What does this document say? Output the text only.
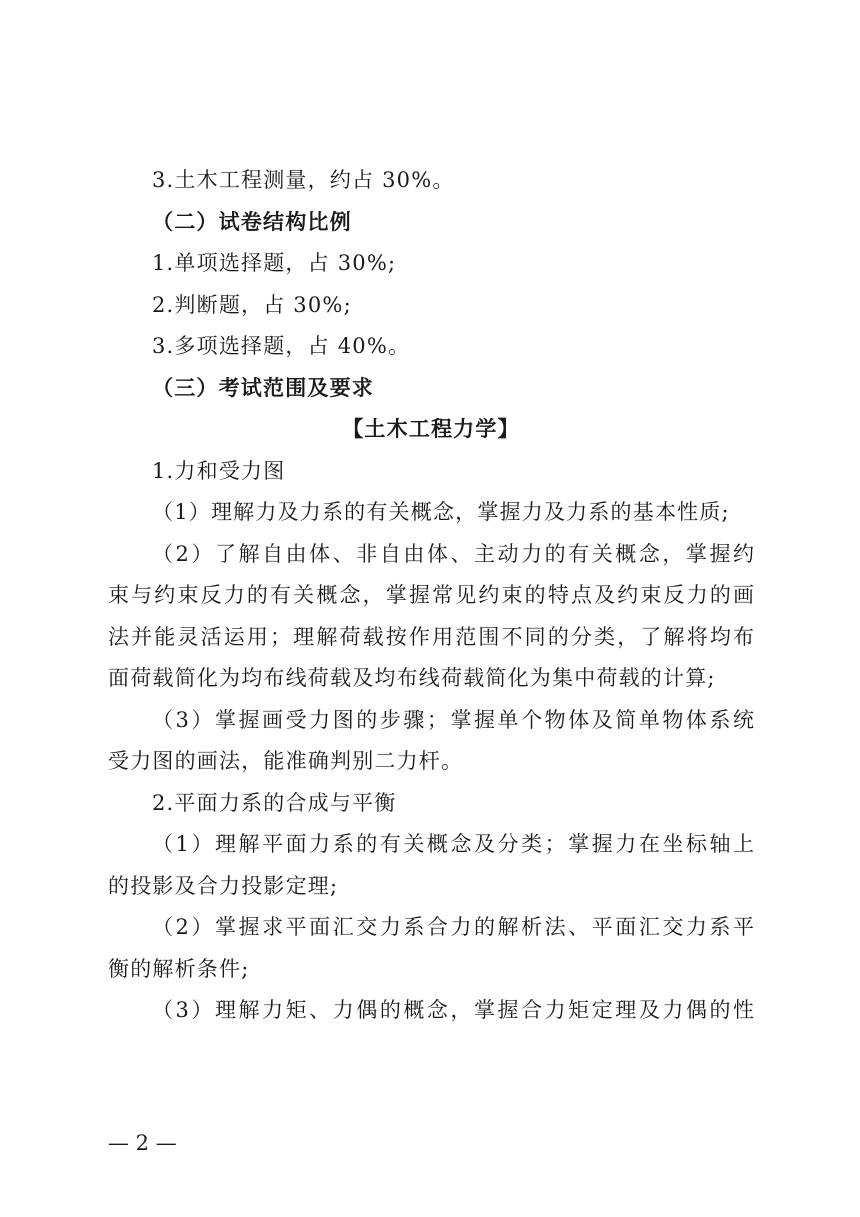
3.土木工程测量，约占 30%。
（二）试卷结构比例
1.单项选择题，占 30%;
2.判断题，占 30%;
3.多项选择题，占 40%。
（三）考试范围及要求
【土木工程力学】
1.力和受力图
（1）理解力及力系的有关概念，掌握力及力系的基本性质;
（2）了解自由体、非自由体、主动力的有关概念，掌握约
束与约束反力的有关概念，掌握常见约束的特点及约束反力的画
法并能灵活运用；理解荷载按作用范围不同的分类，了解将均布
面荷载简化为均布线荷载及均布线荷载简化为集中荷载的计算;
（3）掌握画受力图的步骤；掌握单个物体及简单物体系统
受力图的画法，能准确判别二力杆。
2.平面力系的合成与平衡
（1）理解平面力系的有关概念及分类；掌握力在坐标轴上
的投影及合力投影定理;
（2）掌握求平面汇交力系合力的解析法、平面汇交力系平
衡的解析条件;
（3）理解力矩、力偶的概念，掌握合力矩定理及力偶的性
— 2 —
